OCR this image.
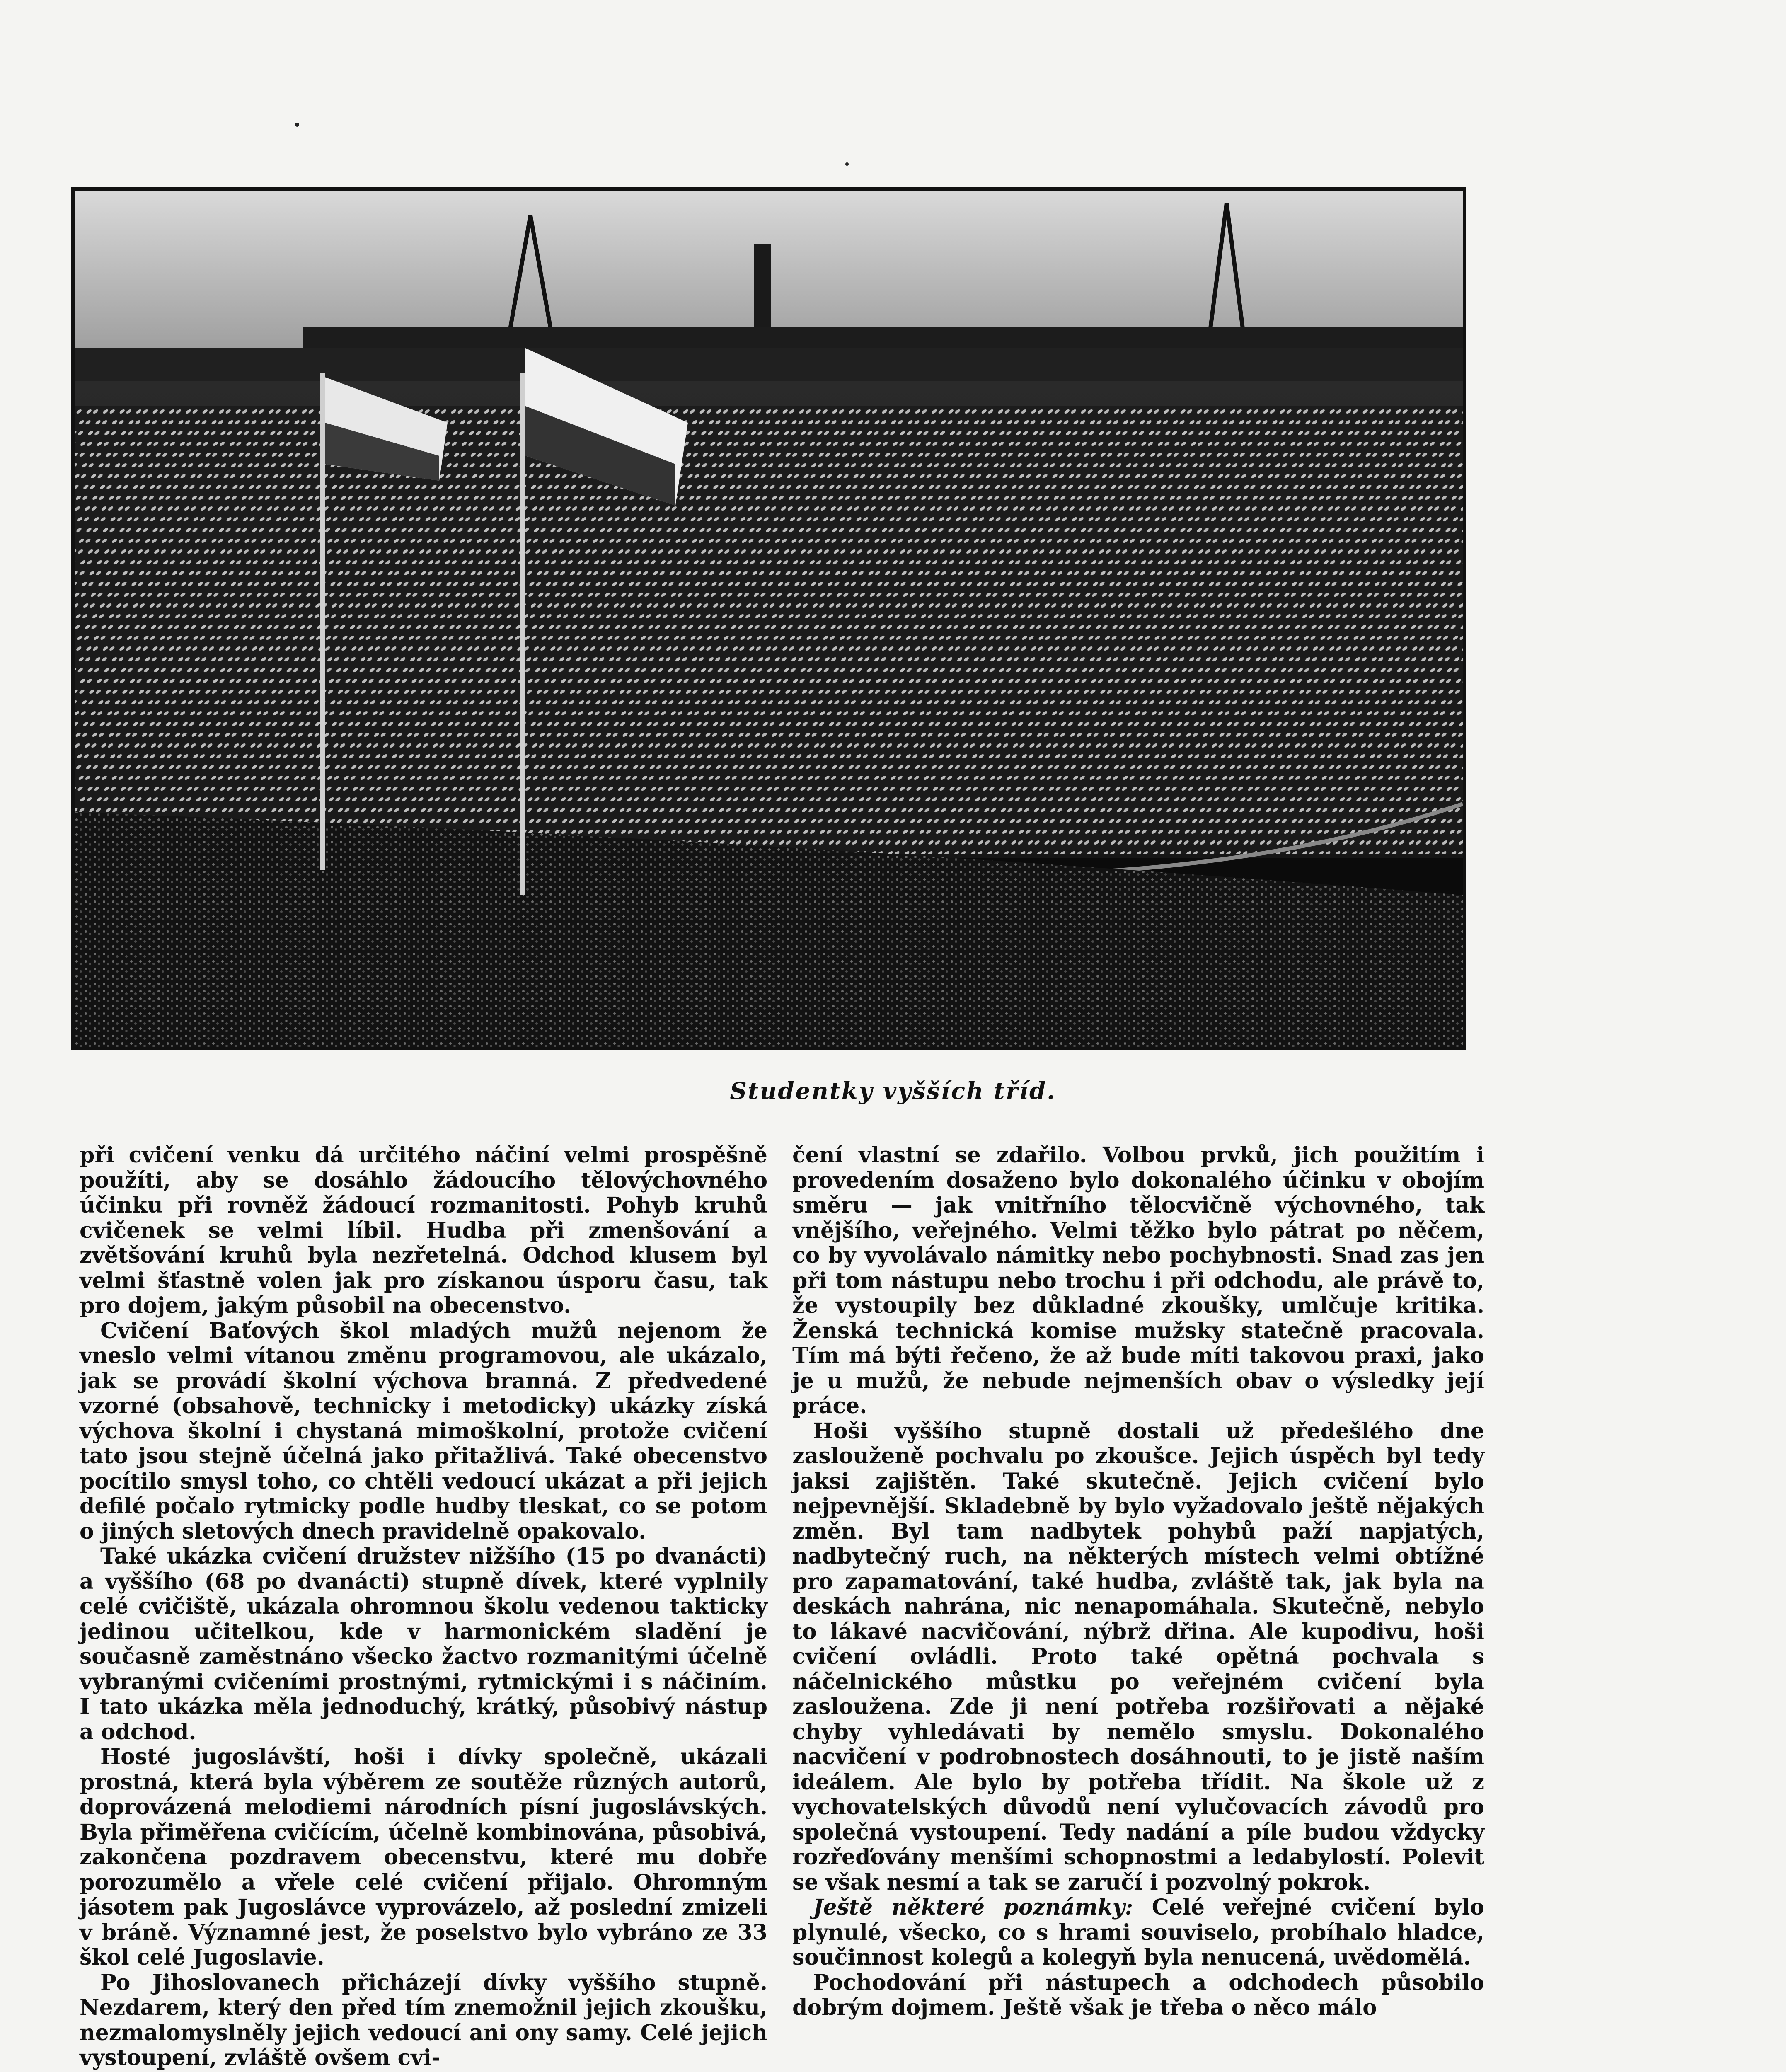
Studentky vyšších tříd.

při cvičení venku dá určitého náčiní velmi prospěšně použíti, aby se dosáhlo žádoucího tělovýchovného účinku při rovněž žádoucí rozmanitosti. Pohyb kruhů cvičenek se velmi líbil. Hudba při zmenšování a zvětšování kruhů byla nezřetelná. Odchod klusem byl velmi šťastně volen jak pro získanou úsporu času, tak pro dojem, jakým působil na obecenstvo.

Cvičení Baťových škol mladých mužů nejenom že vneslo velmi vítanou změnu programovou, ale ukázalo, jak se provádí školní výchova branná. Z předvedené vzorné (obsahově, technicky i metodicky) ukázky získá výchova školní i chystaná mimoškolní, protože cvičení tato jsou stejně účelná jako přitažlivá. Také obecenstvo pocítilo smysl toho, co chtěli vedoucí ukázat a při jejich defilé počalo rytmicky podle hudby tleskat, co se potom o jiných sletových dnech pravidelně opakovalo.

Také ukázka cvičení družstev nižšího (15 po dvanácti) a vyššího (68 po dvanácti) stupně dívek, které vyplnily celé cvičiště, ukázala ohromnou školu vedenou takticky jedinou učitelkou, kde v harmonickém sladění je současně zaměstnáno všecko žactvo rozmanitými účelně vybranými cvičeními prostnými, rytmickými i s náčiním. I tato ukázka měla jednoduchý, krátký, působivý nástup a odchod.

Hosté jugoslávští, hoši i dívky společně, ukázali prostná, která byla výběrem ze soutěže různých autorů, doprovázená melodiemi národních písní jugoslávských. Byla přiměřena cvičícím, účelně kombinována, působivá, zakončena pozdravem obecenstvu, které mu dobře porozumělo a vřele celé cvičení přijalo. Ohromným jásotem pak Jugoslávce vyprovázelo, až poslední zmizeli v bráně. Významné jest, že poselstvo bylo vybráno ze 33 škol celé Jugoslavie.

Po Jihoslovanech přicházejí dívky vyššího stupně. Nezdarem, který den před tím znemožnil jejich zkoušku, nezmalomyslněly jejich vedoucí ani ony samy. Celé jejich vystoupení, zvláště ovšem cvi-

čení vlastní se zdařilo. Volbou prvků, jich použitím i provedením dosaženo bylo dokonalého účinku v obojím směru — jak vnitřního tělocvičně výchovného, tak vnějšího, veřejného. Velmi těžko bylo pátrat po něčem, co by vyvolávalo námitky nebo pochybnosti. Snad zas jen při tom nástupu nebo trochu i při odchodu, ale právě to, že vystoupily bez důkladné zkoušky, umlčuje kritika. Ženská technická komise mužsky statečně pracovala. Tím má býti řečeno, že až bude míti takovou praxi, jako je u mužů, že nebude nejmenších obav o výsledky její práce.

Hoši vyššího stupně dostali už předešlého dne zaslouženě pochvalu po zkoušce. Jejich úspěch byl tedy jaksi zajištěn. Také skutečně. Jejich cvičení bylo nejpevnější. Skladebně by bylo vyžadovalo ještě nějakých změn. Byl tam nadbytek pohybů paží napjatých, nadbytečný ruch, na některých místech velmi obtížné pro zapamatování, také hudba, zvláště tak, jak byla na deskách nahrána, nic nenapomáhala. Skutečně, nebylo to lákavé nacvičování, nýbrž dřina. Ale kupodivu, hoši cvičení ovládli. Proto také opětná pochvala s náčelnického můstku po veřejném cvičení byla zasloužena. Zde ji není potřeba rozšiřovati a nějaké chyby vyhledávati by nemělo smyslu. Dokonalého nacvičení v podrobnostech dosáhnouti, to je jistě naším ideálem. Ale bylo by potřeba třídit. Na škole už z vychovatelských důvodů není vylučovacích závodů pro společná vystoupení. Tedy nadání a píle budou vždycky rozřeďovány menšími schopnostmi a ledabylostí. Polevit se však nesmí a tak se zaručí i pozvolný pokrok.

Ještě některé poznámky: Celé veřejné cvičení bylo plynulé, všecko, co s hrami souviselo, probíhalo hladce, součinnost kolegů a kolegyň byla nenucená, uvědomělá.

Pochodování při nástupech a odchodech působilo dobrým dojmem. Ještě však je třeba o něco málo
